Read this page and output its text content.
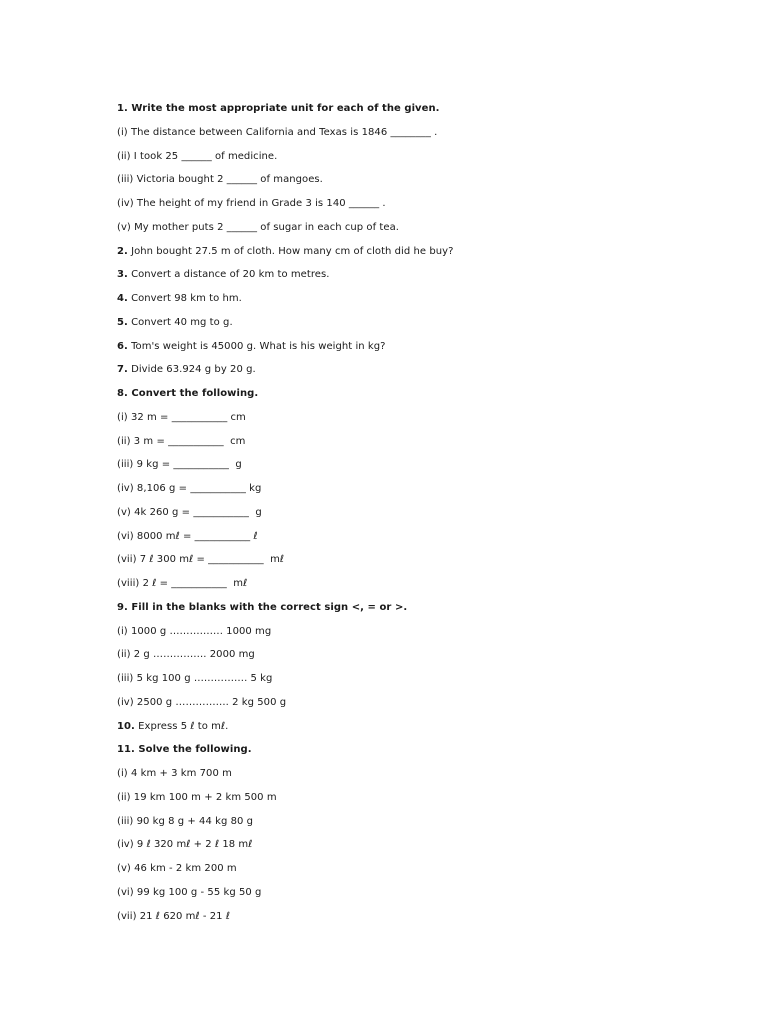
1. Write the most appropriate unit for each of the given.
(i) The distance between California and Texas is 1846 ________ .
(ii) I took 25 ______ of medicine.
(iii) Victoria bought 2 ______ of mangoes.
(iv) The height of my friend in Grade 3 is 140 ______ .
(v) My mother puts 2 ______ of sugar in each cup of tea.
2. John bought 27.5 m of cloth. How many cm of cloth did he buy?
3. Convert a distance of 20 km to metres.
4. Convert 98 km to hm.
5. Convert 40 mg to g.
6. Tom's weight is 45000 g. What is his weight in kg?
7. Divide 63.924 g by 20 g.
8. Convert the following.
(i) 32 m = ___________ cm
(ii) 3 m = ___________  cm
(iii) 9 kg = ___________  g
(iv) 8,106 g = ___________ kg
(v) 4k 260 g = ___________  g
(vi) 8000 mℓ = ___________ ℓ
(vii) 7 ℓ 300 mℓ = ___________  mℓ
(viii) 2 ℓ = ___________  mℓ
9. Fill in the blanks with the correct sign <, = or >.
(i) 1000 g ……………. 1000 mg
(ii) 2 g ……………. 2000 mg
(iii) 5 kg 100 g ……………. 5 kg
(iv) 2500 g ……………. 2 kg 500 g
10. Express 5 ℓ to mℓ.
11. Solve the following.
(i) 4 km + 3 km 700 m
(ii) 19 km 100 m + 2 km 500 m
(iii) 90 kg 8 g + 44 kg 80 g
(iv) 9 ℓ 320 mℓ + 2 ℓ 18 mℓ
(v) 46 km - 2 km 200 m
(vi) 99 kg 100 g - 55 kg 50 g
(vii) 21 ℓ 620 mℓ - 21 ℓ
